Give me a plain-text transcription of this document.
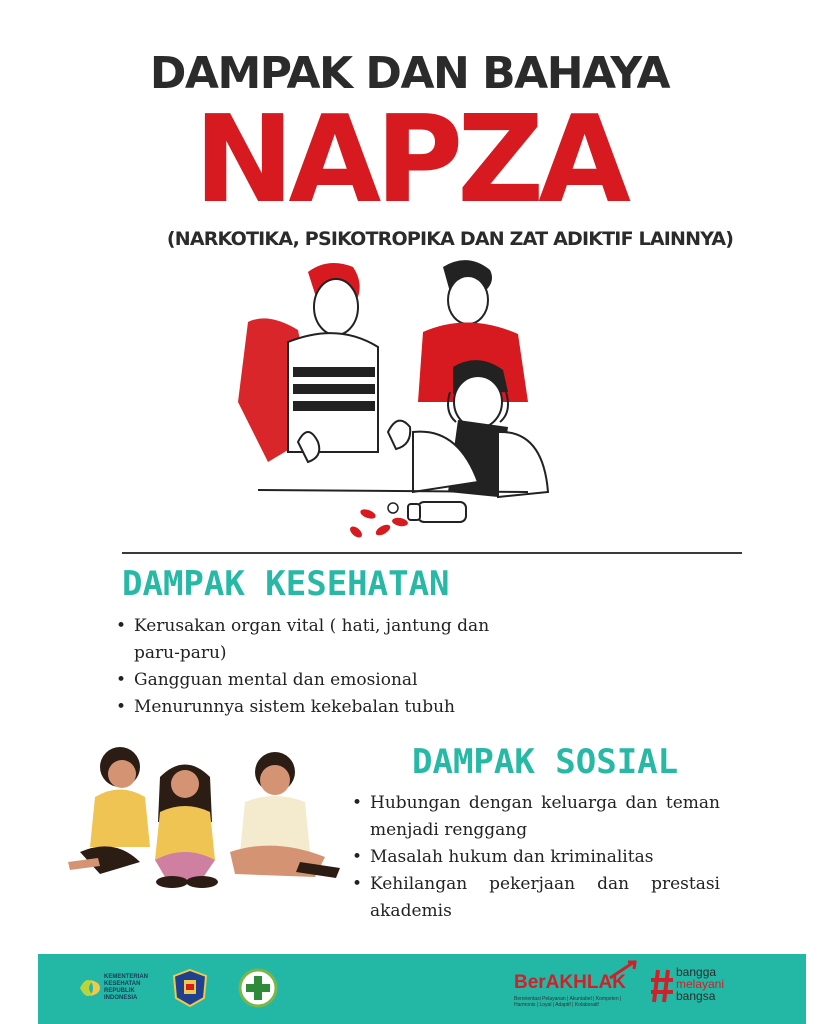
DAMPAK DAN BAHAYA
NAPZA
(NARKOTIKA, PSIKOTROPIKA DAN ZAT ADIKTIF LAINNYA)
DAMPAK KESEHATAN
• Kerusakan organ vital ( hati, jantung dan paru-paru)
• Gangguan mental dan emosional
• Menurunnya sistem kekebalan tubuh
DAMPAK SOSIAL
• Hubungan dengan keluarga dan teman menjadi renggang
• Masalah hukum dan kriminalitas
• Kehilangan pekerjaan dan prestasi akademis
KEMENTERIAN
KESEHATAN
REPUBLIK
INDONESIA
BerAKHLAK
Berorientasi Pelayanan | Akuntabel | Kompeten | Harmonis | Loyal | Adaptif | Kolaboratif
bangga
melayani
bangsa
